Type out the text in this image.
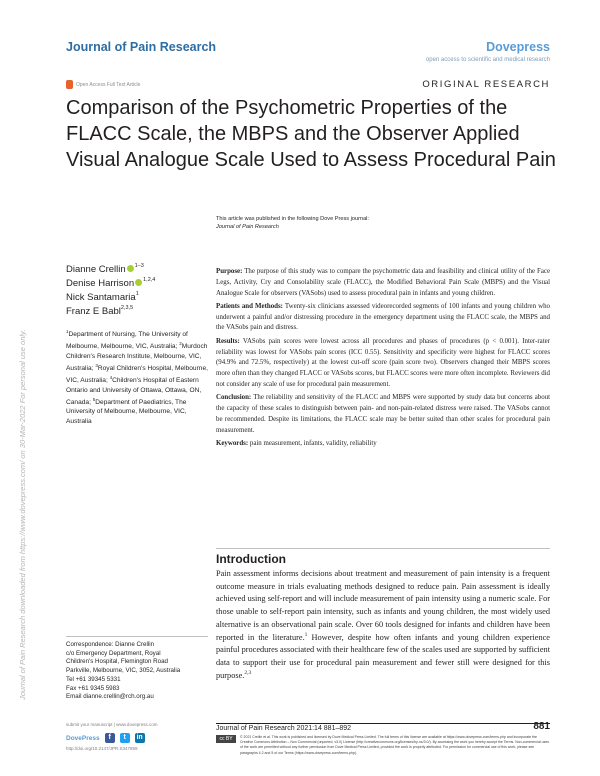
Journal of Pain Research	Dovepress
open access to scientific and medical research
Open Access Full Text Article	ORIGINAL RESEARCH
Comparison of the Psychometric Properties of the FLACC Scale, the MBPS and the Observer Applied Visual Analogue Scale Used to Assess Procedural Pain
Journal of Pain Research downloaded from https://www.dovepress.com/ on 30-Mar-2022 For personal use only.
This article was published in the following Dove Press journal:
Journal of Pain Research
Dianne Crellin $^{1-3}$
Denise Harrison $^{1,2,4}$
Nick Santamaria$^1$
Franz E Babl$^{2,3,5}$
$^1$Department of Nursing, The University of Melbourne, Melbourne, VIC, Australia; $^2$Murdoch Children's Research Institute, Melbourne, VIC, Australia; $^3$Royal Children's Hospital, Melbourne, VIC, Australia; $^4$Children's Hospital of Eastern Ontario and University of Ottawa, Ottawa, ON, Canada; $^5$Department of Paediatrics, The University of Melbourne, Melbourne, VIC, Australia

Purpose: The purpose of this study was to compare the psychometric data and feasibility and clinical utility of the Face Legs, Activity, Cry and Consolability scale (FLACC), the Modified Behavioral Pain Scale (MBPS) and the Visual Analogue Scale for observers (VASobs) used to assess procedural pain in infants and young children.

Patients and Methods: Twenty-six clinicians assessed videorecorded segments of 100 infants and young children who underwent a painful and/or distressing procedure in the emergency department using the FLACC scale, the MBPS and the VASobs pain and distress.

Results: VASobs pain scores were lowest across all procedures and phases of procedures (p < 0.001). Inter-rater reliability was lowest for VASobs pain scores (ICC 0.55). Sensitivity and specificity were highest for FLACC scores (94.9% and 72.5%, respectively) at the lowest cut-off score (pain score two). Observers changed their MBPS scores more often than they changed FLACC or VASobs scores, but FLACC scores were more often incomplete. Reviewers did not consider any scale of use for procedural pain measurement.

Conclusion: The reliability and sensitivity of the FLACC and MBPS were supported by study data but concerns about the capacity of these scales to distinguish between pain- and non-pain-related distress were raised. The VASobs cannot be recommended. Despite its limitations, the FLACC scale may be better suited than other scales for procedural pain measurement.

Keywords: pain measurement, infants, validity, reliability

Introduction
Pain assessment informs decisions about treatment and measurement of pain intensity is a frequent outcome measure in trials evaluating methods designed to reduce pain. Pain assessment is ideally achieved using self-report and will include measurement of pain intensity using a numeric scale. For those unable to self-report pain intensity, such as infants and young children, the most widely used alternative is an observational pain scale. Over 60 tools designed for infants and children have been reported in the literature.$^1$ However, despite how often infants and young children experience painful procedures associated with their healthcare few of the scales used are supported by sufficient data to support their use for procedural pain measurement and fewer still were designed for this purpose.$^{2,3}$
Correspondence: Dianne Crellin
c/o Emergency Department, Royal
Children's Hospital, Flemington Road
Parkville, Melbourne, VIC, 3052, Australia
Tel +61 39345 5331
Fax +61 9345 5983
Email dianne.crellin@rch.org.au
submit your manuscript | www.dovepress.com
DovePress	f	t	in
http://doi.org/10.2147/JPR.S347859
Journal of Pain Research 2021:14 881–892	881
cc BY NC
© 2021 Crellin et al. This work is published and licensed by Dove Medical Press Limited. The full terms of this license are available at https://www.dovepress.com/terms.php and incorporate the Creative Commons Attribution – Non Commercial (unported, v3.0) License (http://creativecommons.org/licenses/by-nc/3.0/). By accessing the work you hereby accept the Terms. Non-commercial uses of the work are permitted without any further permission from Dove Medical Press Limited, provided the work is properly attributed. For permission for commercial use of this work, please see paragraphs 4.2 and 5 of our Terms (https://www.dovepress.com/terms.php).
